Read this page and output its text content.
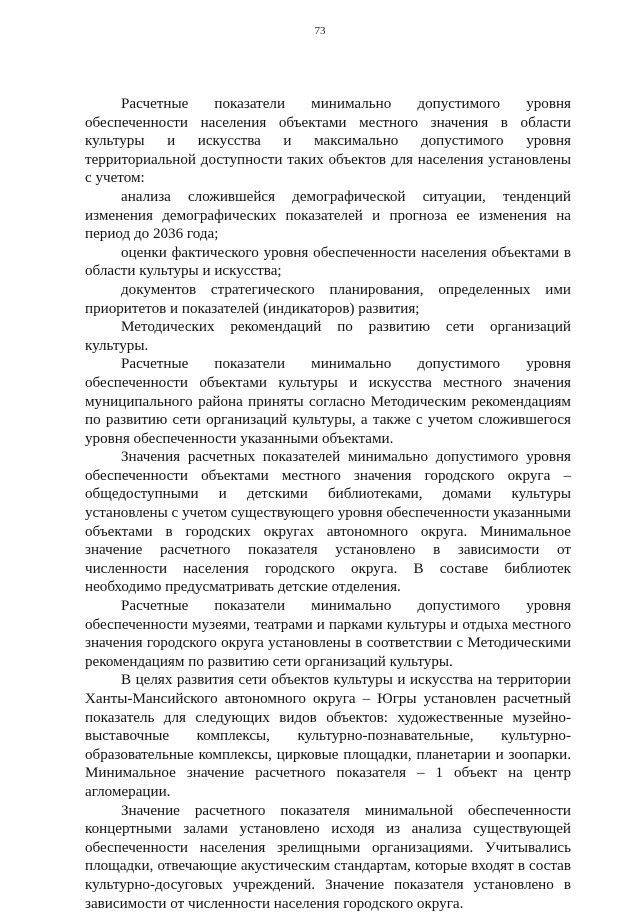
73

Расчетные показатели минимально допустимого уровня обеспеченности населения объектами местного значения в области культуры и искусства и максимально допустимого уровня территориальной доступности таких объектов для населения установлены с учетом:

анализа сложившейся демографической ситуации, тенденций изменения демографических показателей и прогноза ее изменения на период до 2036 года;

оценки фактического уровня обеспеченности населения объектами в области культуры и искусства;

документов стратегического планирования, определенных ими приоритетов и показателей (индикаторов) развития;

Методических рекомендаций по развитию сети организаций культуры.

Расчетные показатели минимально допустимого уровня обеспеченности объектами культуры и искусства местного значения муниципального района приняты согласно Методическим рекомендациям по развитию сети организаций культуры, а также с учетом сложившегося уровня обеспеченности указанными объектами.

Значения расчетных показателей минимально допустимого уровня обеспеченности объектами местного значения городского округа – общедоступными и детскими библиотеками, домами культуры установлены с учетом существующего уровня обеспеченности указанными объектами в городских округах автономного округа. Минимальное значение расчетного показателя установлено в зависимости от численности населения городского округа. В составе библиотек необходимо предусматривать детские отделения.

Расчетные показатели минимально допустимого уровня обеспеченности музеями, театрами и парками культуры и отдыха местного значения городского округа установлены в соответствии с Методическими рекомендациям по развитию сети организаций культуры.

В целях развития сети объектов культуры и искусства на территории Ханты-Мансийского автономного округа – Югры установлен расчетный показатель для следующих видов объектов: художественные музейно-выставочные комплексы, культурно-познавательные, культурно-образовательные комплексы, цирковые площадки, планетарии и зоопарки. Минимальное значение расчетного показателя – 1 объект на центр агломерации.

Значение расчетного показателя минимальной обеспеченности концертными залами установлено исходя из анализа существующей обеспеченности населения зрелищными организациями. Учитывались площадки, отвечающие акустическим стандартам, которые входят в состав культурно-досуговых учреждений. Значение показателя установлено в зависимости от численности населения городского округа.
